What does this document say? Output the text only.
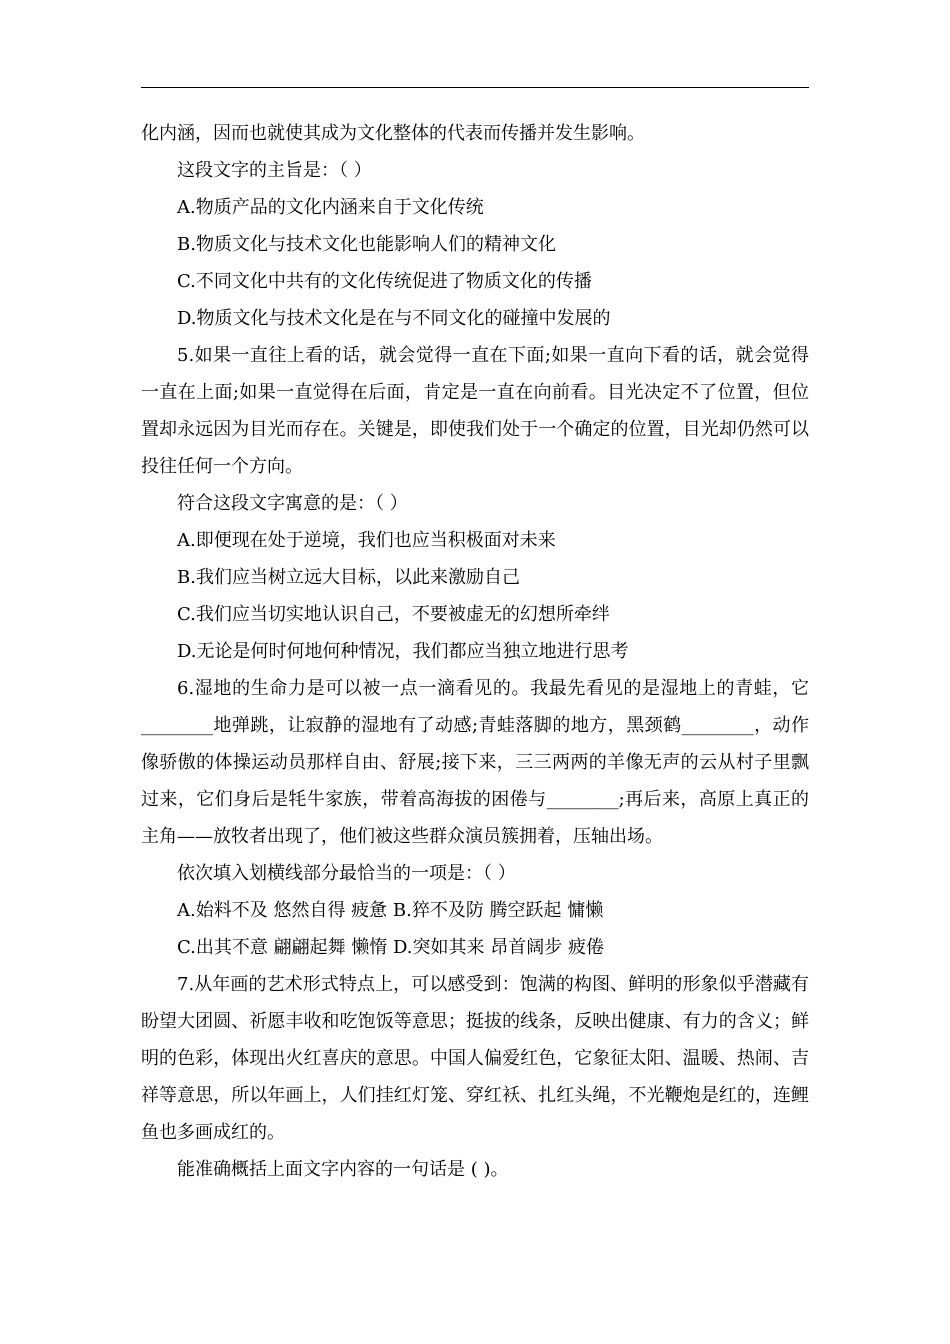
化内涵，因而也就使其成为文化整体的代表而传播并发生影响。

这段文字的主旨是：（ ）

A.物质产品的文化内涵来自于文化传统

B.物质文化与技术文化也能影响人们的精神文化

C.不同文化中共有的文化传统促进了物质文化的传播

D.物质文化与技术文化是在与不同文化的碰撞中发展的

5.如果一直往上看的话，就会觉得一直在下面;如果一直向下看的话，就会觉得一直在上面;如果一直觉得在后面，肯定是一直在向前看。目光决定不了位置，但位置却永远因为目光而存在。关键是，即使我们处于一个确定的位置，目光却仍然可以投往任何一个方向。

符合这段文字寓意的是：（ ）

A.即便现在处于逆境，我们也应当积极面对未来

B.我们应当树立远大目标，以此来激励自己

C.我们应当切实地认识自己，不要被虚无的幻想所牵绊

D.无论是何时何地何种情况，我们都应当独立地进行思考

6.湿地的生命力是可以被一点一滴看见的。我最先看见的是湿地上的青蛙，它________地弹跳，让寂静的湿地有了动感;青蛙落脚的地方，黑颈鹤________，动作像骄傲的体操运动员那样自由、舒展;接下来，三三两两的羊像无声的云从村子里飘过来，它们身后是牦牛家族，带着高海拔的困倦与________;再后来，高原上真正的主角——放牧者出现了，他们被这些群众演员簇拥着，压轴出场。

依次填入划横线部分最恰当的一项是：（ ）

A.始料不及 悠然自得 疲惫 B.猝不及防 腾空跃起 慵懒

C.出其不意 翩翩起舞 懒惰 D.突如其来 昂首阔步 疲倦

7.从年画的艺术形式特点上，可以感受到：饱满的构图、鲜明的形象似乎潜藏有盼望大团圆、祈愿丰收和吃饱饭等意思；挺拔的线条，反映出健康、有力的含义；鲜明的色彩，体现出火红喜庆的意思。中国人偏爱红色，它象征太阳、温暖、热闹、吉祥等意思，所以年画上，人们挂红灯笼、穿红袄、扎红头绳，不光鞭炮是红的，连鲤鱼也多画成红的。

能准确概括上面文字内容的一句话是 ( )。
